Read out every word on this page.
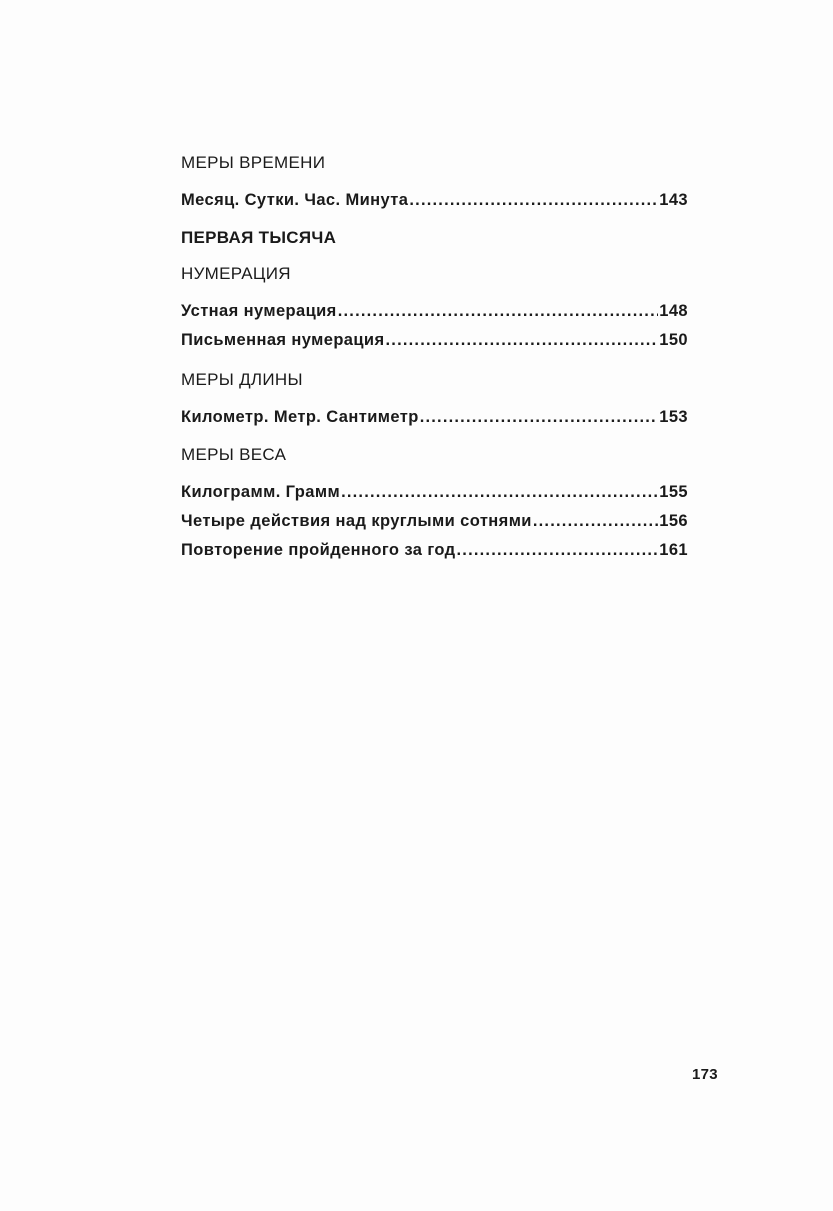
МЕРЫ ВРЕМЕНИ
Месяц. Сутки. Час. Минута .....	143
ПЕРВАЯ ТЫСЯЧА
НУМЕРАЦИЯ
Устная нумерация .....	148
Письменная нумерация .....	150
МЕРЫ ДЛИНЫ
Километр. Метр. Сантиметр .....	153
МЕРЫ ВЕСА
Килограмм. Грамм .....	155
Четыре действия над круглыми сотнями .....	156
Повторение пройденного за год .....	161
173
